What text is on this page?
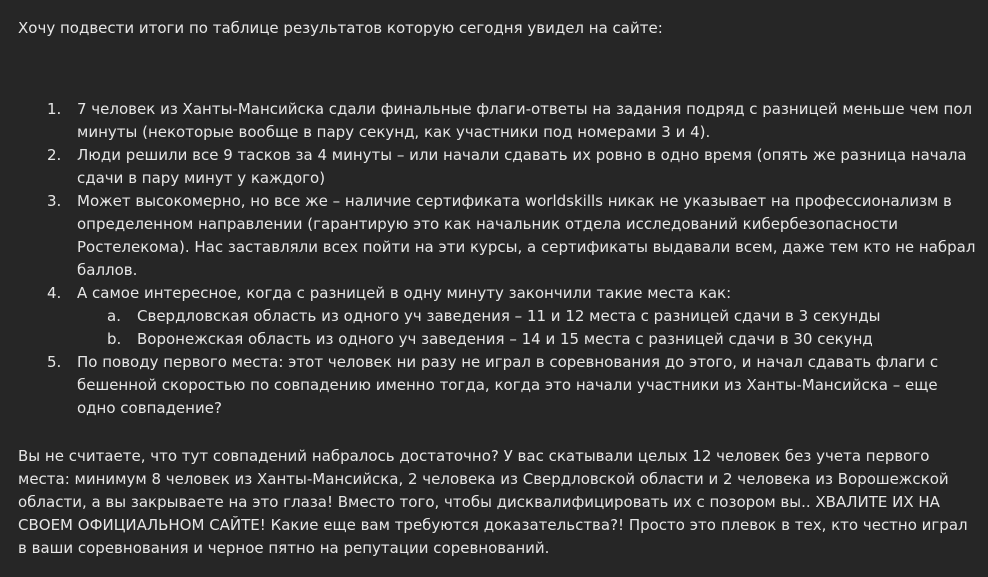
Хочу подвести итоги по таблице результатов которую сегодня увидел на сайте:

1. 7 человек из Ханты-Мансийска сдали финальные флаги-ответы на задания подряд с разницей меньше чем пол минуты (некоторые вообще в пару секунд, как участники под номерами 3 и 4).
2. Люди решили все 9 тасков за 4 минуты – или начали сдавать их ровно в одно время (опять же разница начала сдачи в пару минут у каждого)
3. Может высокомерно, но все же – наличие сертификата worldskills никак не указывает на профессионализм в определенном направлении (гарантирую это как начальник отдела исследований кибербезопасности Ростелекома). Нас заставляли всех пойти на эти курсы, а сертификаты выдавали всем, даже тем кто не набрал баллов.
4. А самое интересное, когда с разницей в одну минуту закончили такие места как:
a. Свердловская область из одного уч заведения – 11 и 12 места с разницей сдачи в 3 секунды
b. Воронежская область из одного уч заведения – 14 и 15 места с разницей сдачи в 30 секунд
5. По поводу первого места: этот человек ни разу не играл в соревнования до этого, и начал сдавать флаги с бешенной скоростью по совпадению именно тогда, когда это начали участники из Ханты-Мансийска – еще одно совпадение?

Вы не считаете, что тут совпадений набралось достаточно? У вас скатывали целых 12 человек без учета первого места: минимум 8 человек из Ханты-Мансийска, 2 человека из Свердловской области и 2 человека из Ворошежской области, а вы закрываете на это глаза! Вместо того, чтобы дисквалифицировать их с позором вы.. ХВАЛИТЕ ИХ НА СВОЕМ ОФИЦИАЛЬНОМ САЙТЕ! Какие еще вам требуются доказательства?! Просто это плевок в тех, кто честно играл в ваши соревнования и черное пятно на репутации соревнований.
